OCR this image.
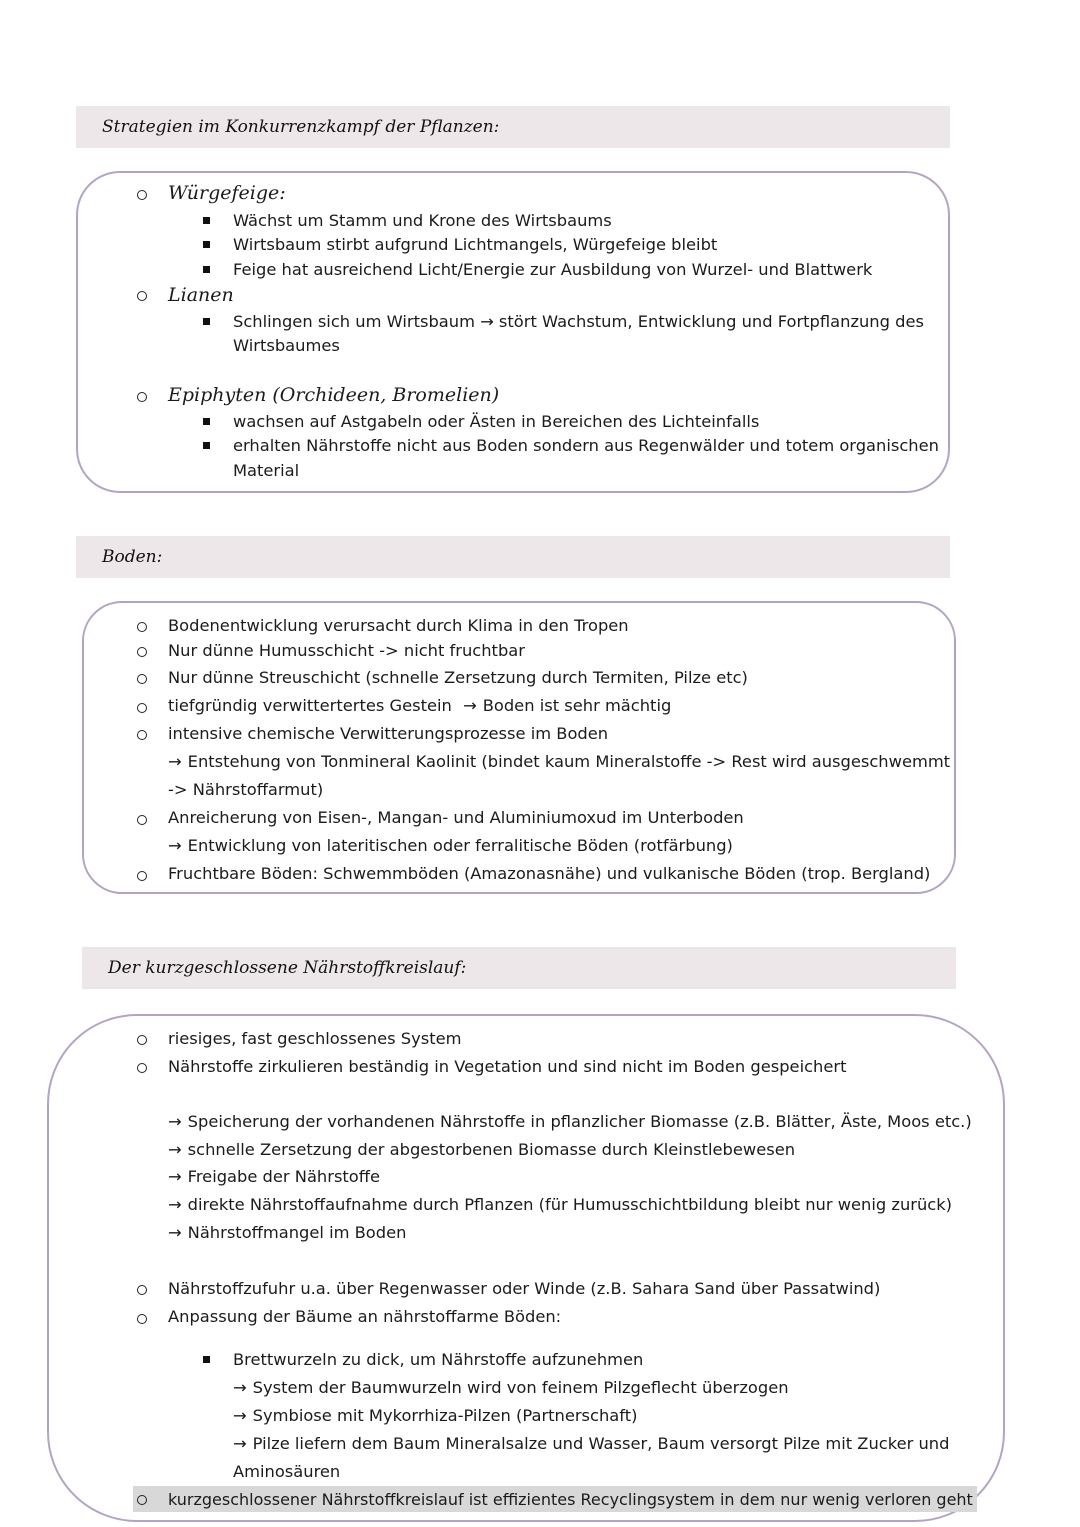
Strategien im Konkurrenzkampf der Pflanzen:
Würgefeige:
Wächst um Stamm und Krone des Wirtsbaums
Wirtsbaum stirbt aufgrund Lichtmangels, Würgefeige bleibt
Feige hat ausreichend Licht/Energie zur Ausbildung von Wurzel- und Blattwerk
Lianen
Schlingen sich um Wirtsbaum → stört Wachstum, Entwicklung und Fortpflanzung des
Wirtsbaumes
Epiphyten (Orchideen, Bromelien)
wachsen auf Astgabeln oder Ästen in Bereichen des Lichteinfalls
erhalten Nährstoffe nicht aus Boden sondern aus Regenwälder und totem organischen
Material
Boden:
Bodenentwicklung verursacht durch Klima in den Tropen
Nur dünne Humusschicht -> nicht fruchtbar
Nur dünne Streuschicht (schnelle Zersetzung durch Termiten, Pilze etc)
tiefgründig verwittertertes Gestein → Boden ist sehr mächtig
intensive chemische Verwitterungsprozesse im Boden
→ Entstehung von Tonmineral Kaolinit (bindet kaum Mineralstoffe -> Rest wird ausgeschwemmt
-> Nährstoffarmut)
Anreicherung von Eisen-, Mangan- und Aluminiumoxud im Unterboden
→ Entwicklung von lateritischen oder ferralitische Böden (rotfärbung)
Fruchtbare Böden: Schwemmböden (Amazonasnähe) und vulkanische Böden (trop. Bergland)
Der kurzgeschlossene Nährstoffkreislauf:
riesiges, fast geschlossenes System
Nährstoffe zirkulieren beständig in Vegetation und sind nicht im Boden gespeichert
→ Speicherung der vorhandenen Nährstoffe in pflanzlicher Biomasse (z.B. Blätter, Äste, Moos etc.)
→ schnelle Zersetzung der abgestorbenen Biomasse durch Kleinstlebewesen
→ Freigabe der Nährstoffe
→ direkte Nährstoffaufnahme durch Pflanzen (für Humusschichtbildung bleibt nur wenig zurück)
→ Nährstoffmangel im Boden
Nährstoffzufuhr u.a. über Regenwasser oder Winde (z.B. Sahara Sand über Passatwind)
Anpassung der Bäume an nährstoffarme Böden:
Brettwurzeln zu dick, um Nährstoffe aufzunehmen
→ System der Baumwurzeln wird von feinem Pilzgeflecht überzogen
→ Symbiose mit Mykorrhiza-Pilzen (Partnerschaft)
→ Pilze liefern dem Baum Mineralsalze und Wasser, Baum versorgt Pilze mit Zucker und
Aminosäuren
kurzgeschlossener Nährstoffkreislauf ist effizientes Recyclingsystem in dem nur wenig verloren geht
